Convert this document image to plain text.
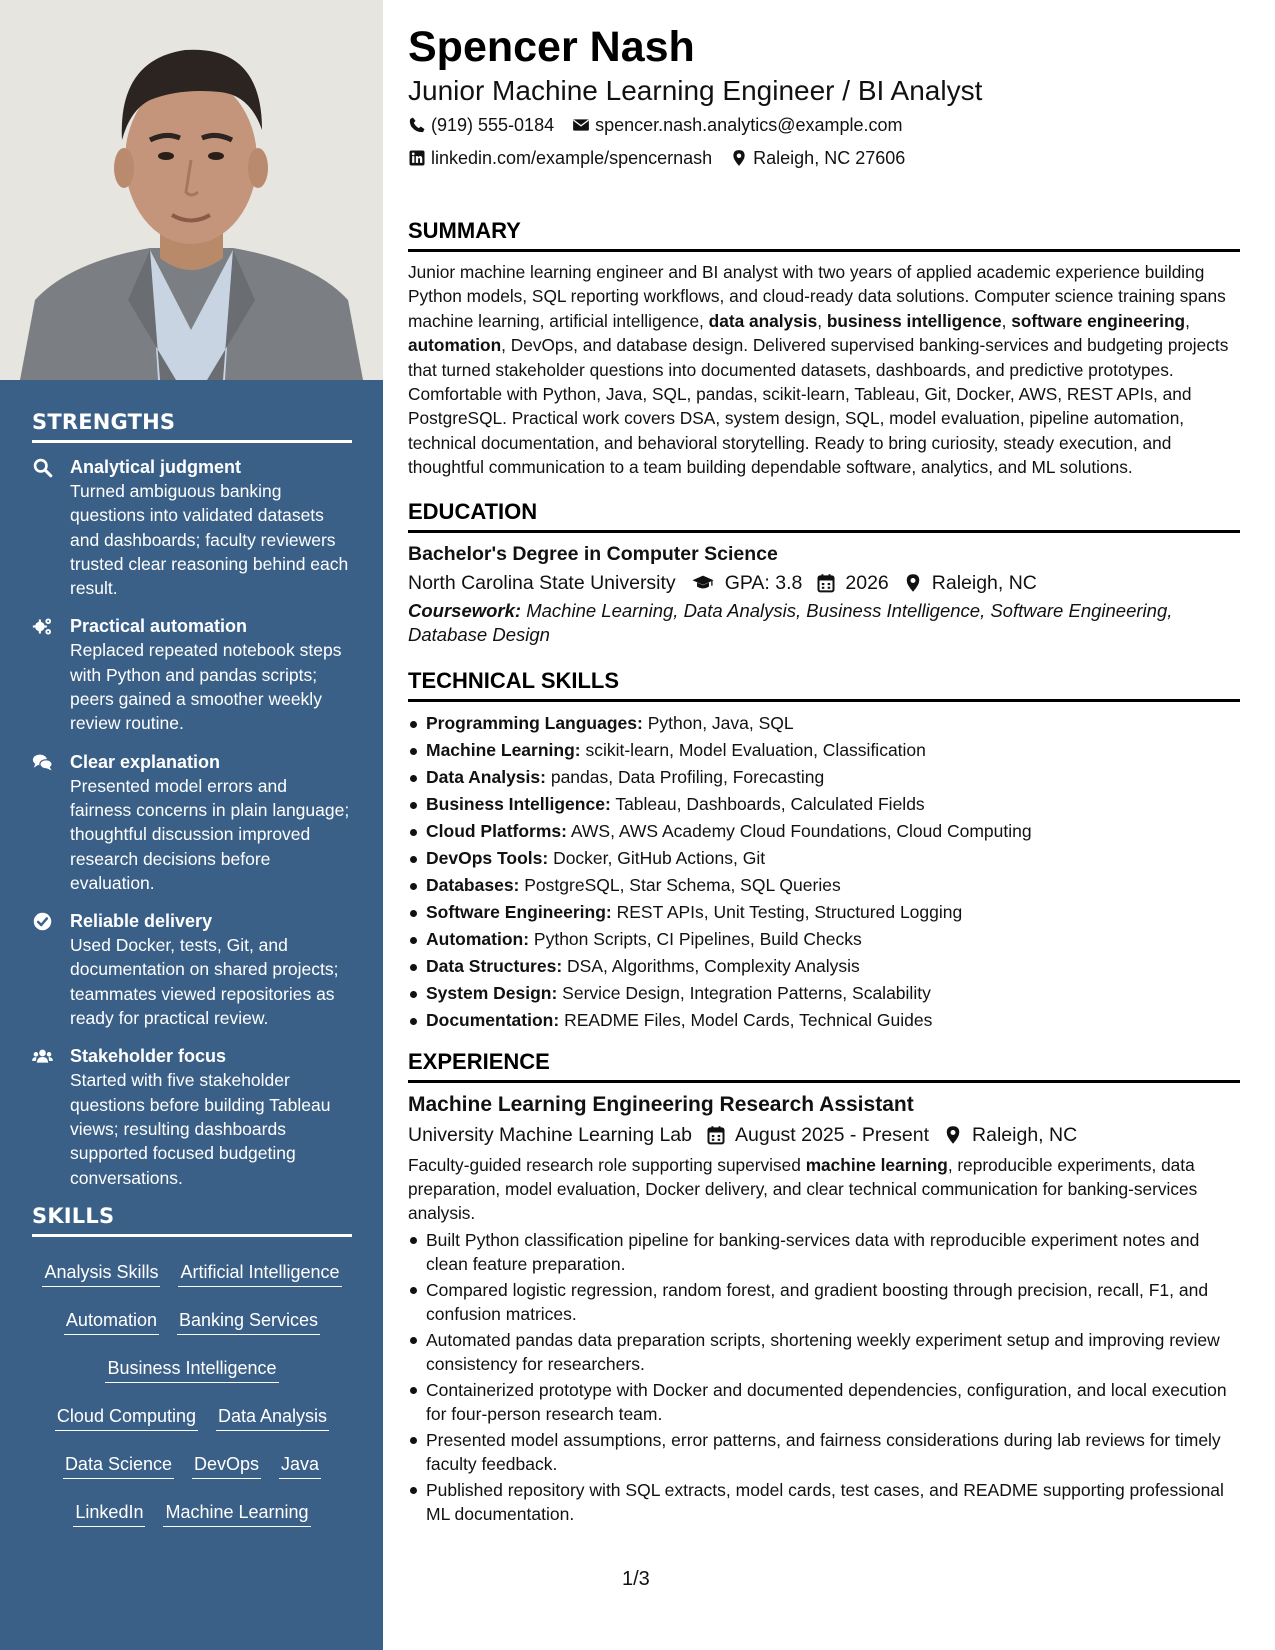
STRENGTHS
Analytical judgment
Turned ambiguous banking questions into validated datasets and dashboards; faculty reviewers trusted clear reasoning behind each result.
Practical automation
Replaced repeated notebook steps with Python and pandas scripts; peers gained a smoother weekly review routine.
Clear explanation
Presented model errors and fairness concerns in plain language; thoughtful discussion improved research decisions before evaluation.
Reliable delivery
Used Docker, tests, Git, and documentation on shared projects; teammates viewed repositories as ready for practical review.
Stakeholder focus
Started with five stakeholder questions before building Tableau views; resulting dashboards supported focused budgeting conversations.
SKILLS
Analysis Skills Artificial Intelligence
Automation Banking Services
Business Intelligence
Cloud Computing Data Analysis
Data Science DevOps Java
LinkedIn Machine Learning
Spencer Nash
Junior Machine Learning Engineer / BI Analyst
(919) 555-0184 spencer.nash.analytics@example.com
linkedin.com/example/spencernash Raleigh, NC 27606
SUMMARY
Junior machine learning engineer and BI analyst with two years of applied academic experience building Python models, SQL reporting workflows, and cloud-ready data solutions. Computer science training spans machine learning, artificial intelligence, data analysis, business intelligence, software engineering, automation, DevOps, and database design. Delivered supervised banking-services and budgeting projects that turned stakeholder questions into documented datasets, dashboards, and predictive prototypes. Comfortable with Python, Java, SQL, pandas, scikit-learn, Tableau, Git, Docker, AWS, REST APIs, and PostgreSQL. Practical work covers DSA, system design, SQL, model evaluation, pipeline automation, technical documentation, and behavioral storytelling. Ready to bring curiosity, steady execution, and thoughtful communication to a team building dependable software, analytics, and ML solutions.
EDUCATION
Bachelor's Degree in Computer Science
North Carolina State University	GPA: 3.8 2026 Raleigh, NC
Coursework: Machine Learning, Data Analysis, Business Intelligence, Software Engineering, Database Design
TECHNICAL SKILLS
Programming Languages: Python, Java, SQL
Machine Learning: scikit-learn, Model Evaluation, Classification
Data Analysis: pandas, Data Profiling, Forecasting
Business Intelligence: Tableau, Dashboards, Calculated Fields
Cloud Platforms: AWS, AWS Academy Cloud Foundations, Cloud Computing
DevOps Tools: Docker, GitHub Actions, Git
Databases: PostgreSQL, Star Schema, SQL Queries
Software Engineering: REST APIs, Unit Testing, Structured Logging
Automation: Python Scripts, CI Pipelines, Build Checks
Data Structures: DSA, Algorithms, Complexity Analysis
System Design: Service Design, Integration Patterns, Scalability
Documentation: README Files, Model Cards, Technical Guides
EXPERIENCE
Machine Learning Engineering Research Assistant
University Machine Learning Lab August 2025 - Present Raleigh, NC
Faculty-guided research role supporting supervised machine learning, reproducible experiments, data preparation, model evaluation, Docker delivery, and clear technical communication for banking-services analysis.
Built Python classification pipeline for banking-services data with reproducible experiment notes and clean feature preparation.
Compared logistic regression, random forest, and gradient boosting through precision, recall, F1, and confusion matrices.
Automated pandas data preparation scripts, shortening weekly experiment setup and improving review consistency for researchers.
Containerized prototype with Docker and documented dependencies, configuration, and local execution for four-person research team.
Presented model assumptions, error patterns, and fairness considerations during lab reviews for timely faculty feedback.
Published repository with SQL extracts, model cards, test cases, and README supporting professional ML documentation.
1/3
